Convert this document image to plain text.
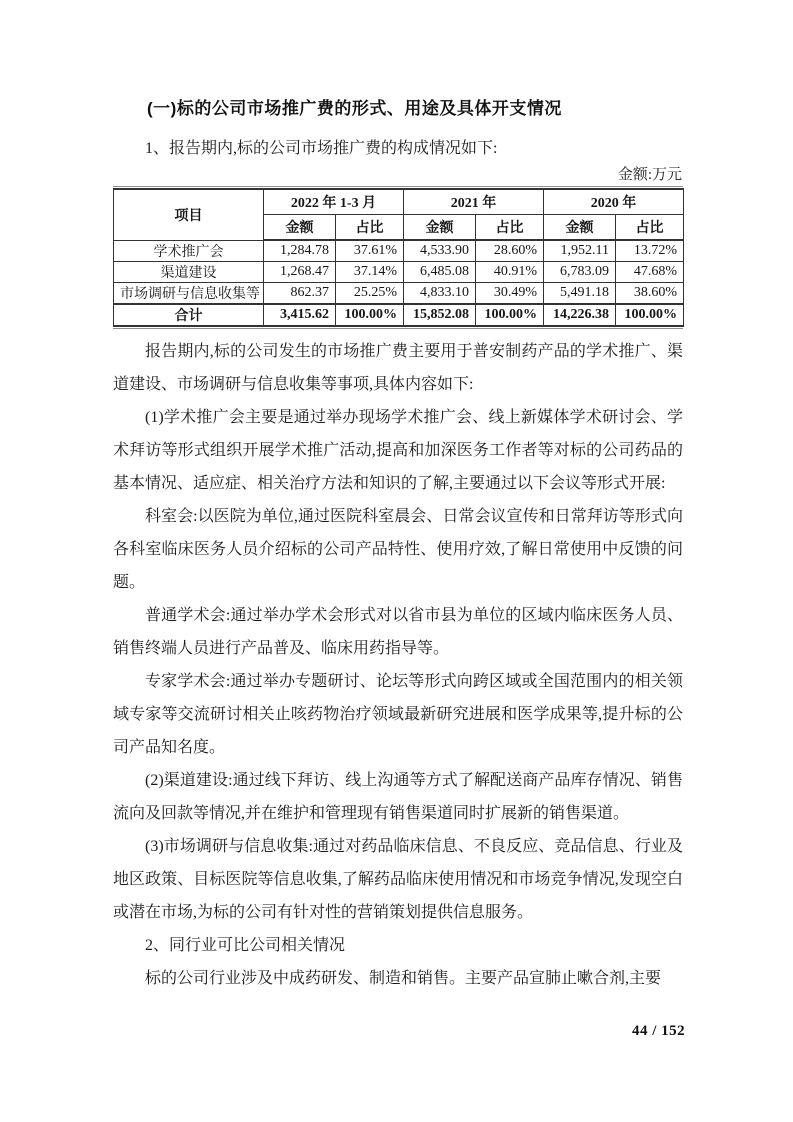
(一)标的公司市场推广费的形式、用途及具体开支情况

1、报告期内,标的公司市场推广费的构成情况如下:

金额:万元
项目	2022 年 1-3 月		2021 年		2020 年	
	金额	占比	金额	占比	金额	占比
学术推广会	1,284.78	37.61%	4,533.90	28.60%	1,952.11	13.72%
渠道建设	1,268.47	37.14%	6,485.08	40.91%	6,783.09	47.68%
市场调研与信息收集等	862.37	25.25%	4,833.10	30.49%	5,491.18	38.60%
合计	3,415.62	100.00%	15,852.08	100.00%	14,226.38	100.00%

报告期内,标的公司发生的市场推广费主要用于普安制药产品的学术推广、渠道建设、市场调研与信息收集等事项,具体内容如下:

(1)学术推广会主要是通过举办现场学术推广会、线上新媒体学术研讨会、学术拜访等形式组织开展学术推广活动,提高和加深医务工作者等对标的公司药品的基本情况、适应症、相关治疗方法和知识的了解,主要通过以下会议等形式开展:

科室会:以医院为单位,通过医院科室晨会、日常会议宣传和日常拜访等形式向各科室临床医务人员介绍标的公司产品特性、使用疗效,了解日常使用中反馈的问题。

普通学术会:通过举办学术会形式对以省市县为单位的区域内临床医务人员、销售终端人员进行产品普及、临床用药指导等。

专家学术会:通过举办专题研讨、论坛等形式向跨区域或全国范围内的相关领域专家等交流研讨相关止咳药物治疗领域最新研究进展和医学成果等,提升标的公司产品知名度。

(2)渠道建设:通过线下拜访、线上沟通等方式了解配送商产品库存情况、销售流向及回款等情况,并在维护和管理现有销售渠道同时扩展新的销售渠道。

(3)市场调研与信息收集:通过对药品临床信息、不良反应、竞品信息、行业及地区政策、目标医院等信息收集,了解药品临床使用情况和市场竞争情况,发现空白或潜在市场,为标的公司有针对性的营销策划提供信息服务。

2、同行业可比公司相关情况

标的公司行业涉及中成药研发、制造和销售。主要产品宣肺止嗽合剂,主要

44 / 152
